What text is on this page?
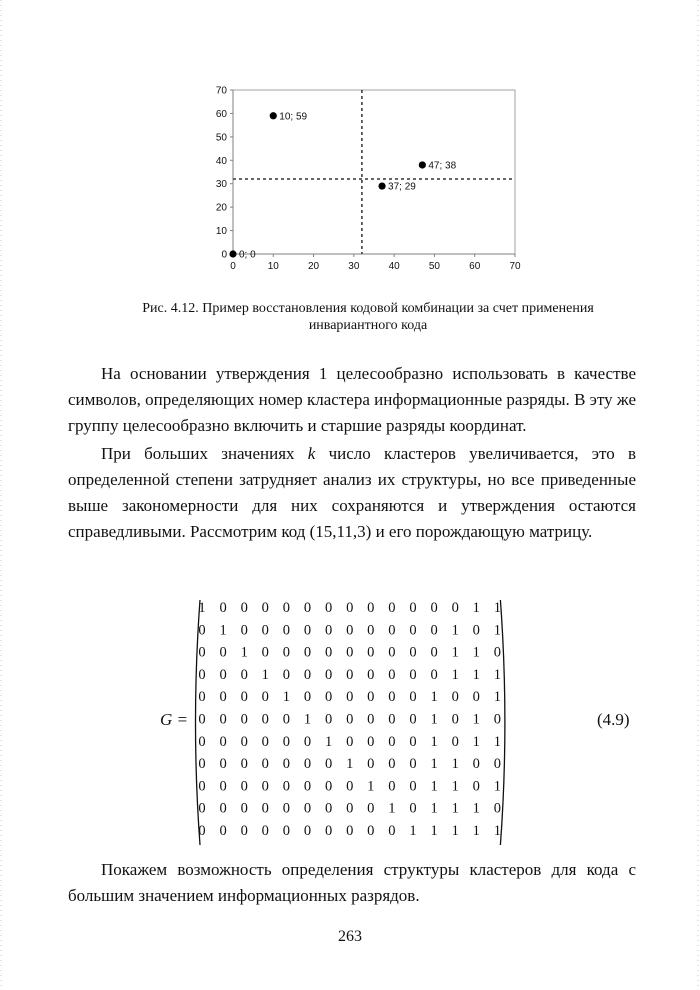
0
10
20
30
40
50
60
70
0	10	20	30	40	50	60	70
0; 0
10; 59
37; 29
47; 38
Рис. 4.12. Пример восстановления кодовой комбинации за счет применения
инвариантного кода

На основании утверждения 1 целесообразно использовать в качестве символов, определяющих номер кластера информационные разряды. В эту же группу целесообразно включить и старшие разряды координат.

При больших значениях k число кластеров увеличивается, это в определенной степени затрудняет анализ их структуры, но все приведенные выше закономерности для них сохраняются и утверждения остаются справедливыми. Рассмотрим код (15,11,3) и его порождающую матрицу.

G =
1 0 0 0 0 0 0 0 0 0 0 0 0 1 1
0 1 0 0 0 0 0 0 0 0 0 0 1 0 1
0 0 1 0 0 0 0 0 0 0 0 0 1 1 0
0 0 0 1 0 0 0 0 0 0 0 0 1 1 1
0 0 0 0 1 0 0 0 0 0 0 1 0 0 1
0 0 0 0 0 1 0 0 0 0 0 1 0 1 0
0 0 0 0 0 0 1 0 0 0 0 1 0 1 1
0 0 0 0 0 0 0 1 0 0 0 1 1 0 0
0 0 0 0 0 0 0 0 1 0 0 1 1 0 1
0 0 0 0 0 0 0 0 0 1 0 1 1 1 0
0 0 0 0 0 0 0 0 0 0 1 1 1 1 1
(4.9)

Покажем возможность определения структуры кластеров для кода с большим значением информационных разрядов.

263
